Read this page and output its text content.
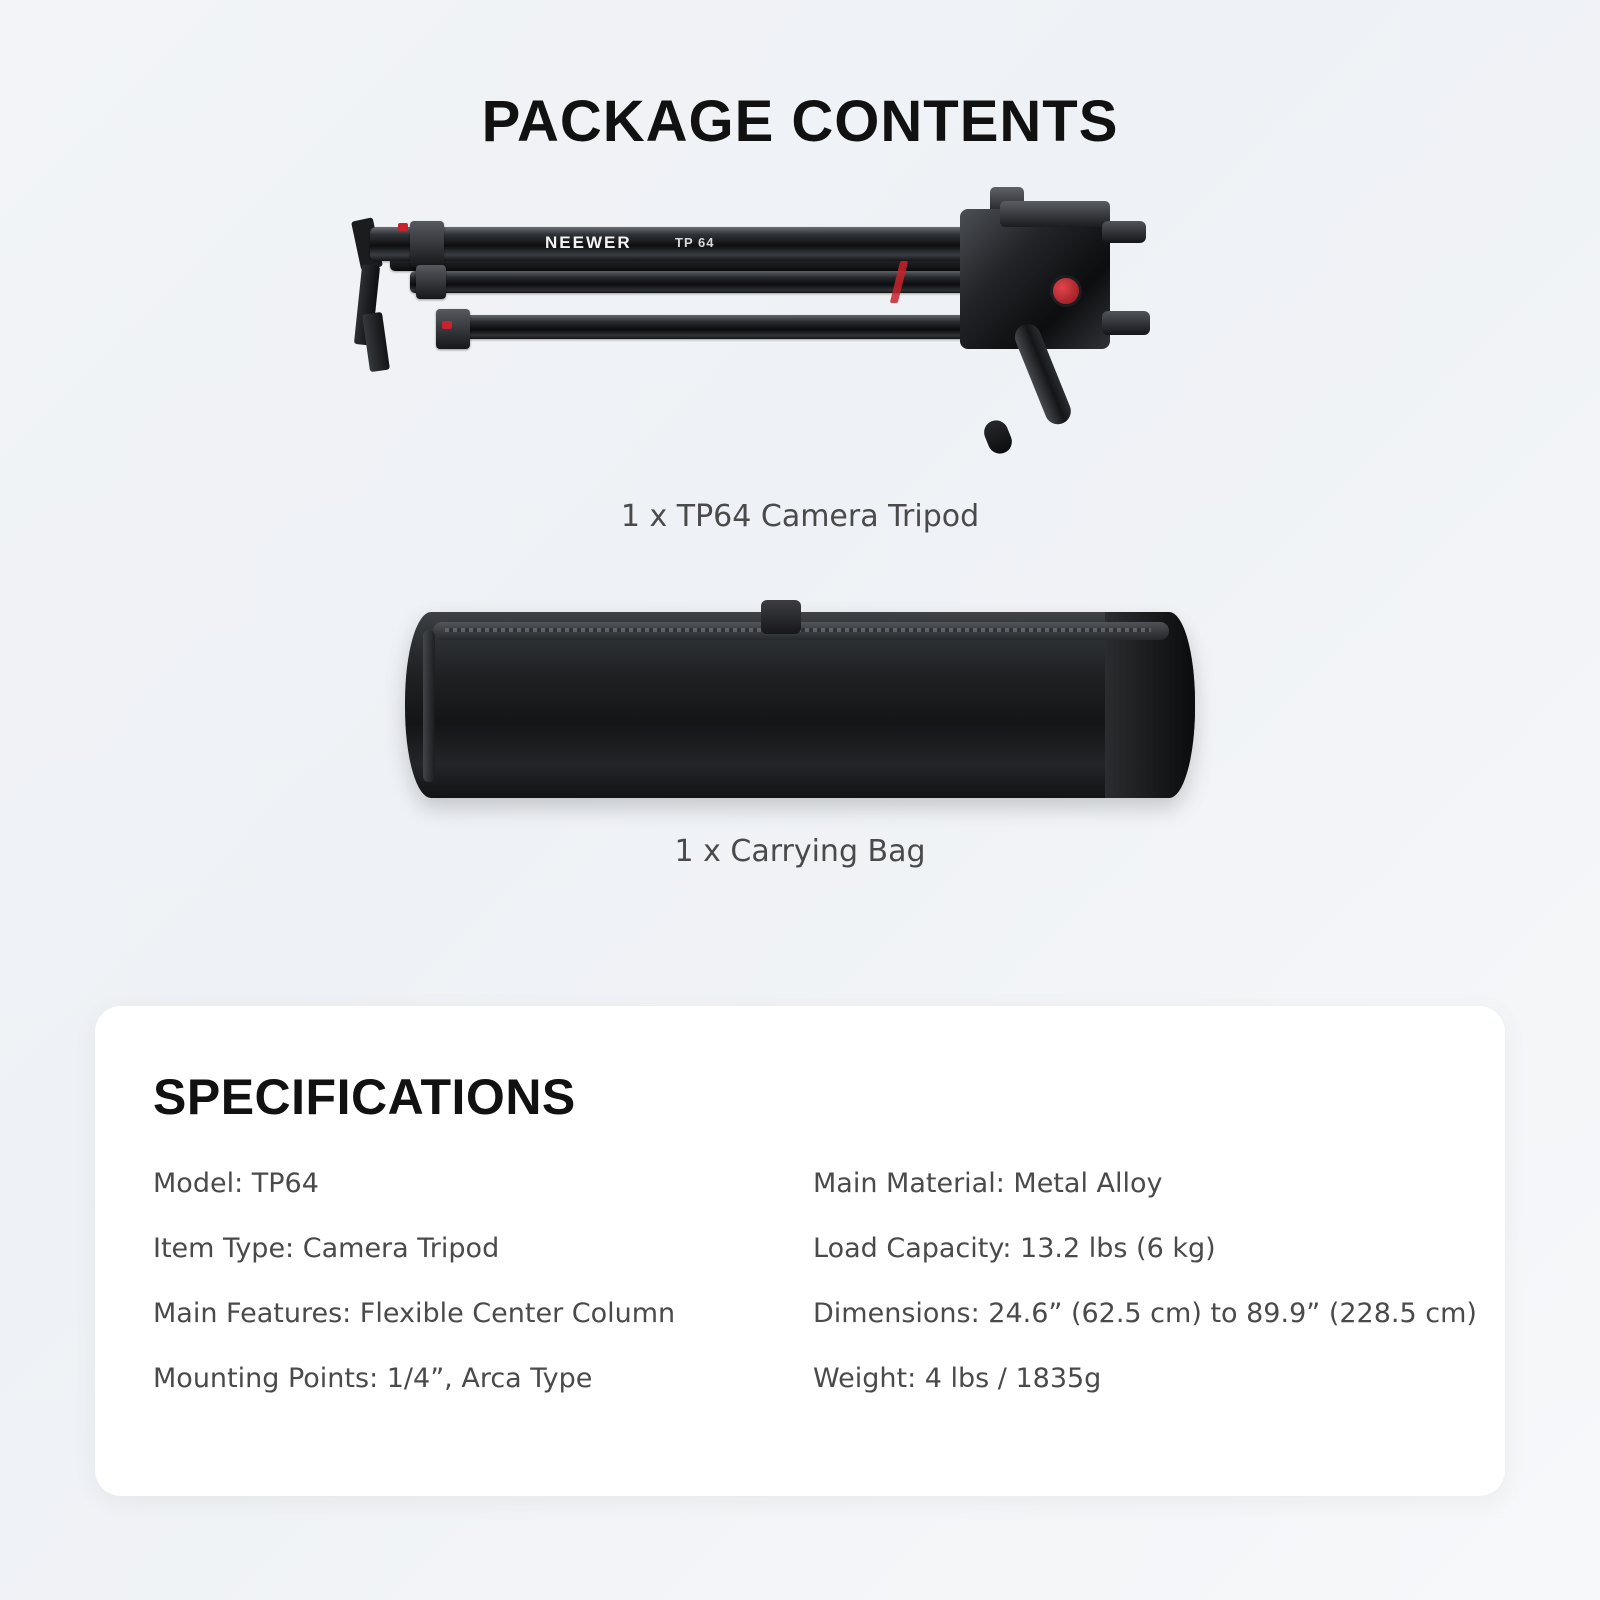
PACKAGE CONTENTS
NEEWER	TP 64
1 x TP64 Camera Tripod
1 x Carrying Bag
SPECIFICATIONS
Model: TP64	Main Material: Metal Alloy
Item Type: Camera Tripod	Load Capacity: 13.2 lbs (6 kg)
Main Features: Flexible Center Column	Dimensions: 24.6” (62.5 cm) to 89.9” (228.5 cm)
Mounting Points: 1/4”, Arca Type	Weight: 4 lbs / 1835g
